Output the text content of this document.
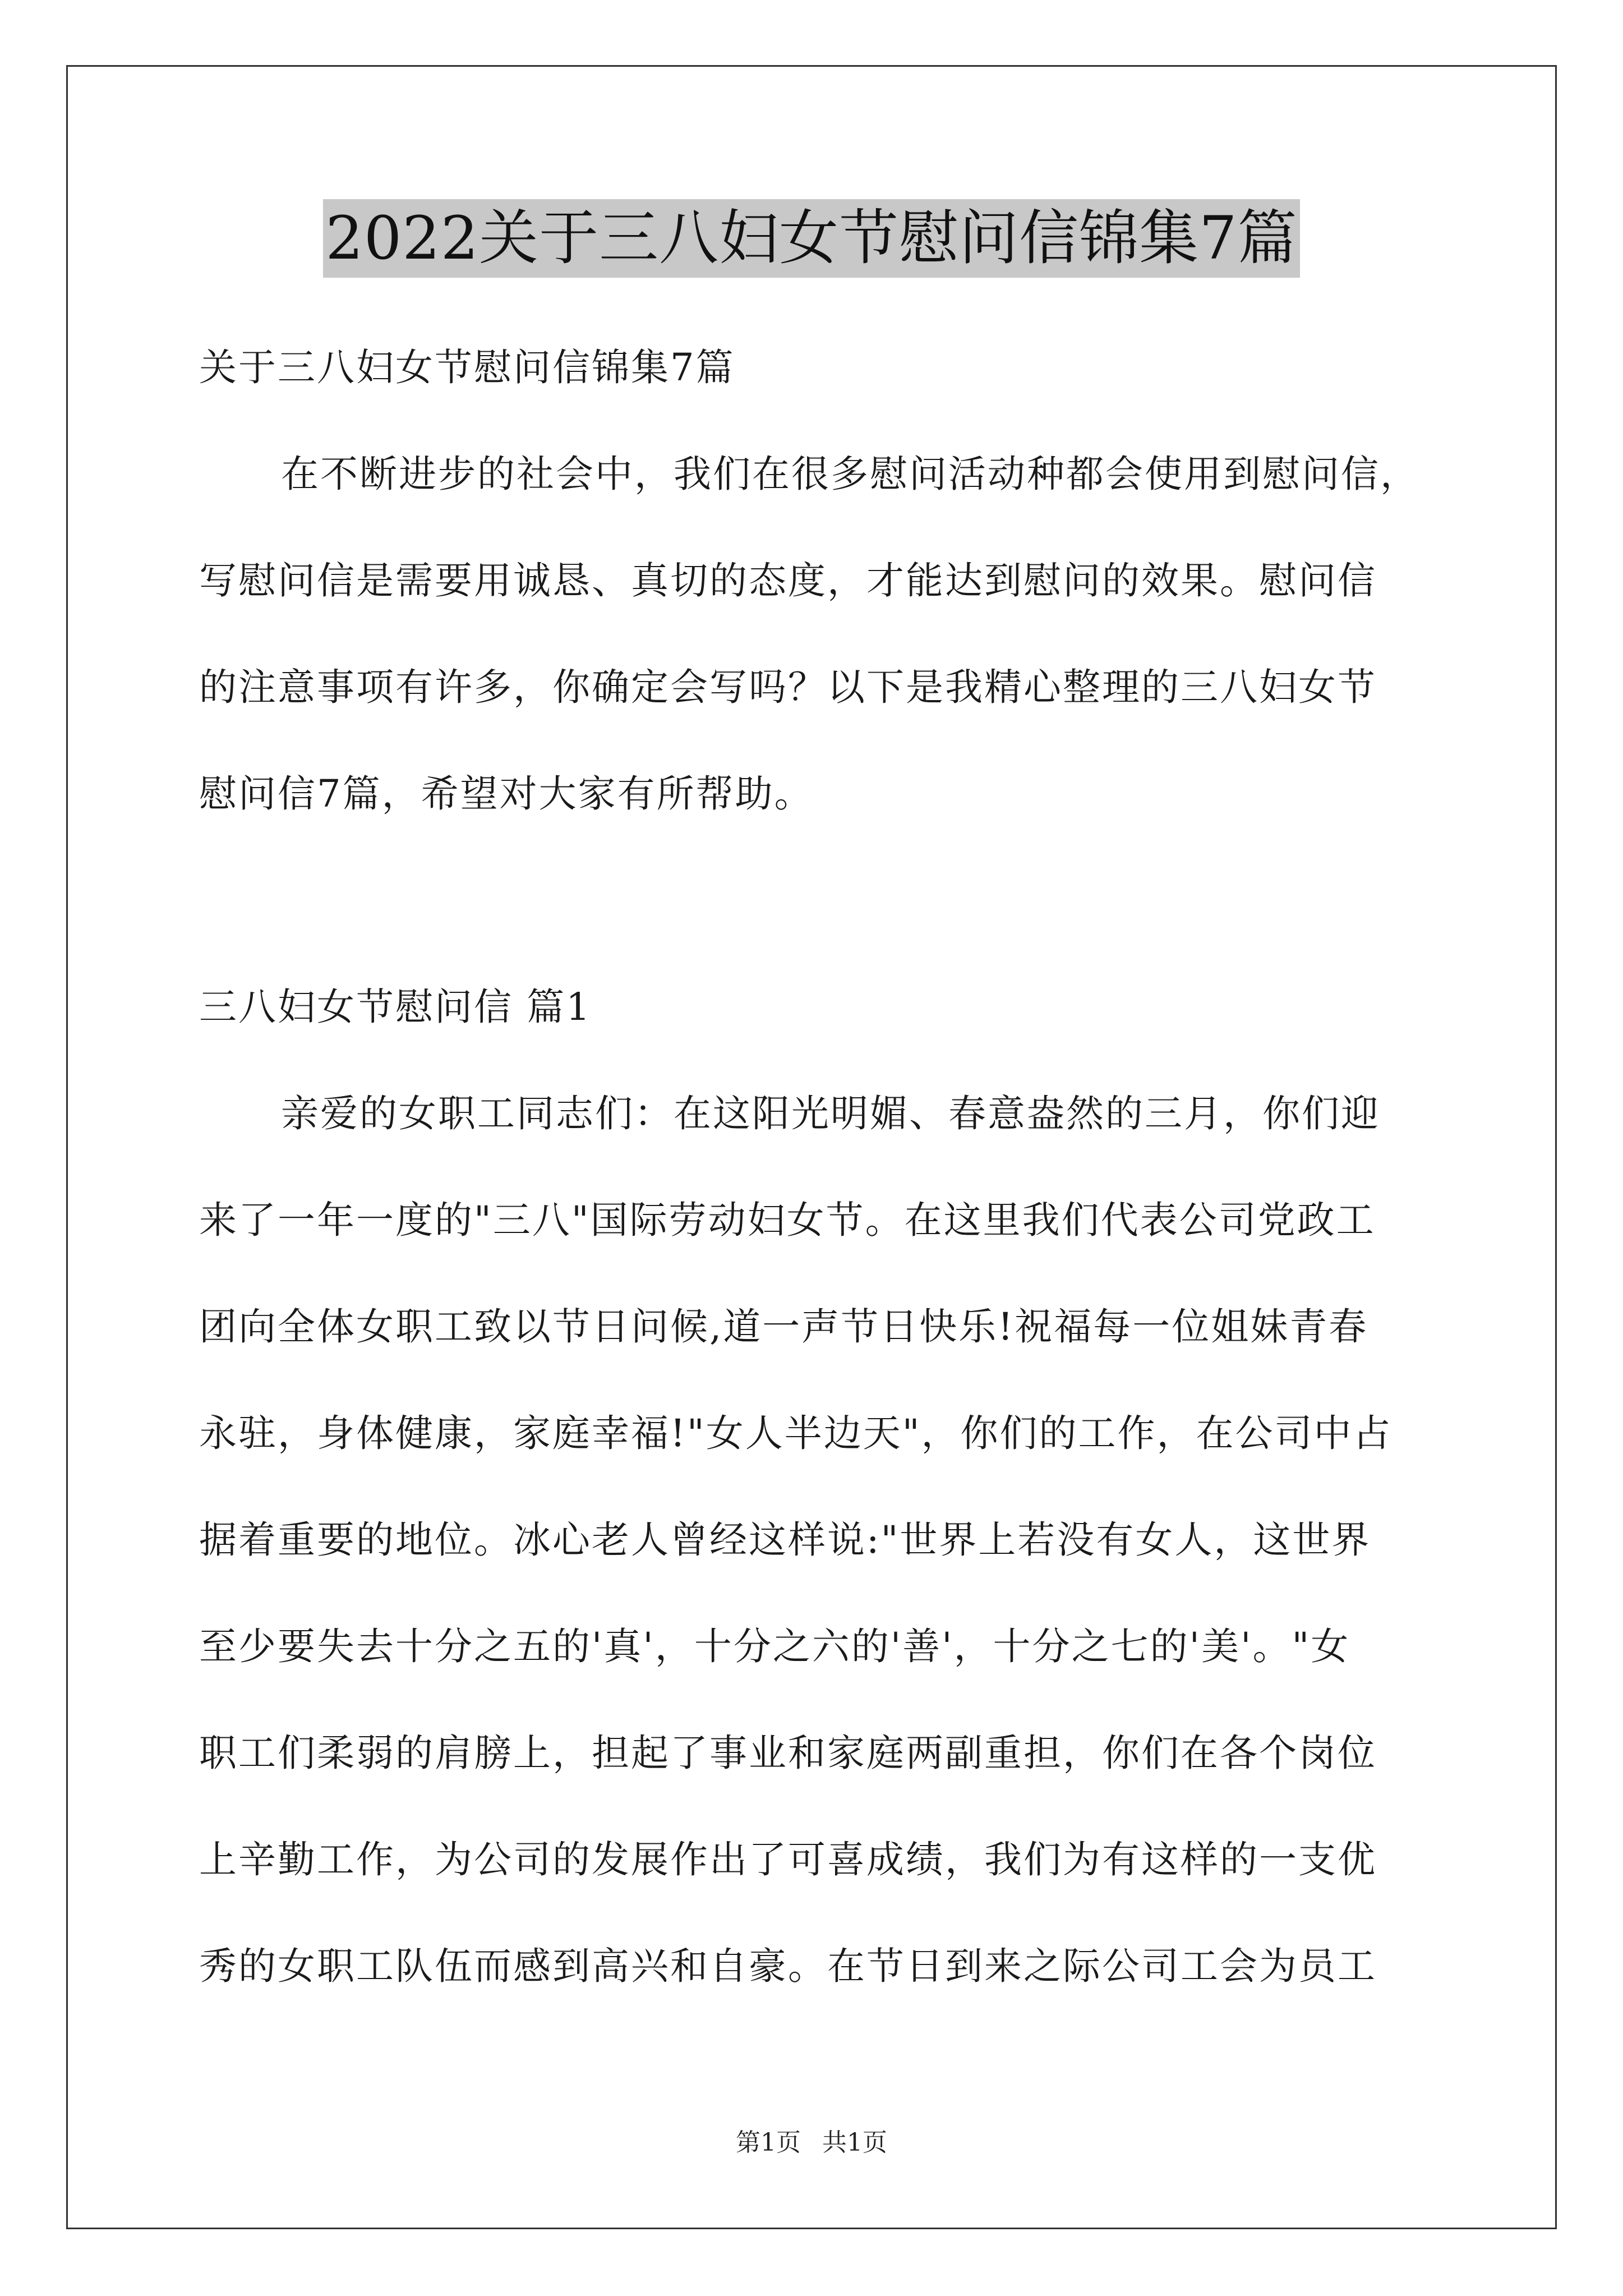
2022关于三八妇女节慰问信锦集7篇
关于三八妇女节慰问信锦集7篇
在不断进步的社会中，我们在很多慰问活动种都会使用到慰问信，
写慰问信是需要用诚恳、真切的态度，才能达到慰问的效果。慰问信
的注意事项有许多，你确定会写吗？以下是我精心整理的三八妇女节
慰问信7篇，希望对大家有所帮助。
三八妇女节慰问信 篇1
亲爱的女职工同志们：在这阳光明媚、春意盎然的三月，你们迎
来了一年一度的"三八"国际劳动妇女节。在这里我们代表公司党政工
团向全体女职工致以节日问候,道一声节日快乐!祝福每一位姐妹青春
永驻，身体健康，家庭幸福!"女人半边天"，你们的工作，在公司中占
据着重要的地位。冰心老人曾经这样说:"世界上若没有女人，这世界
至少要失去十分之五的'真'，十分之六的'善'，十分之七的'美'。"女
职工们柔弱的肩膀上，担起了事业和家庭两副重担，你们在各个岗位
上辛勤工作，为公司的发展作出了可喜成绩，我们为有这样的一支优
秀的女职工队伍而感到高兴和自豪。在节日到来之际公司工会为员工
第1页 共1页
